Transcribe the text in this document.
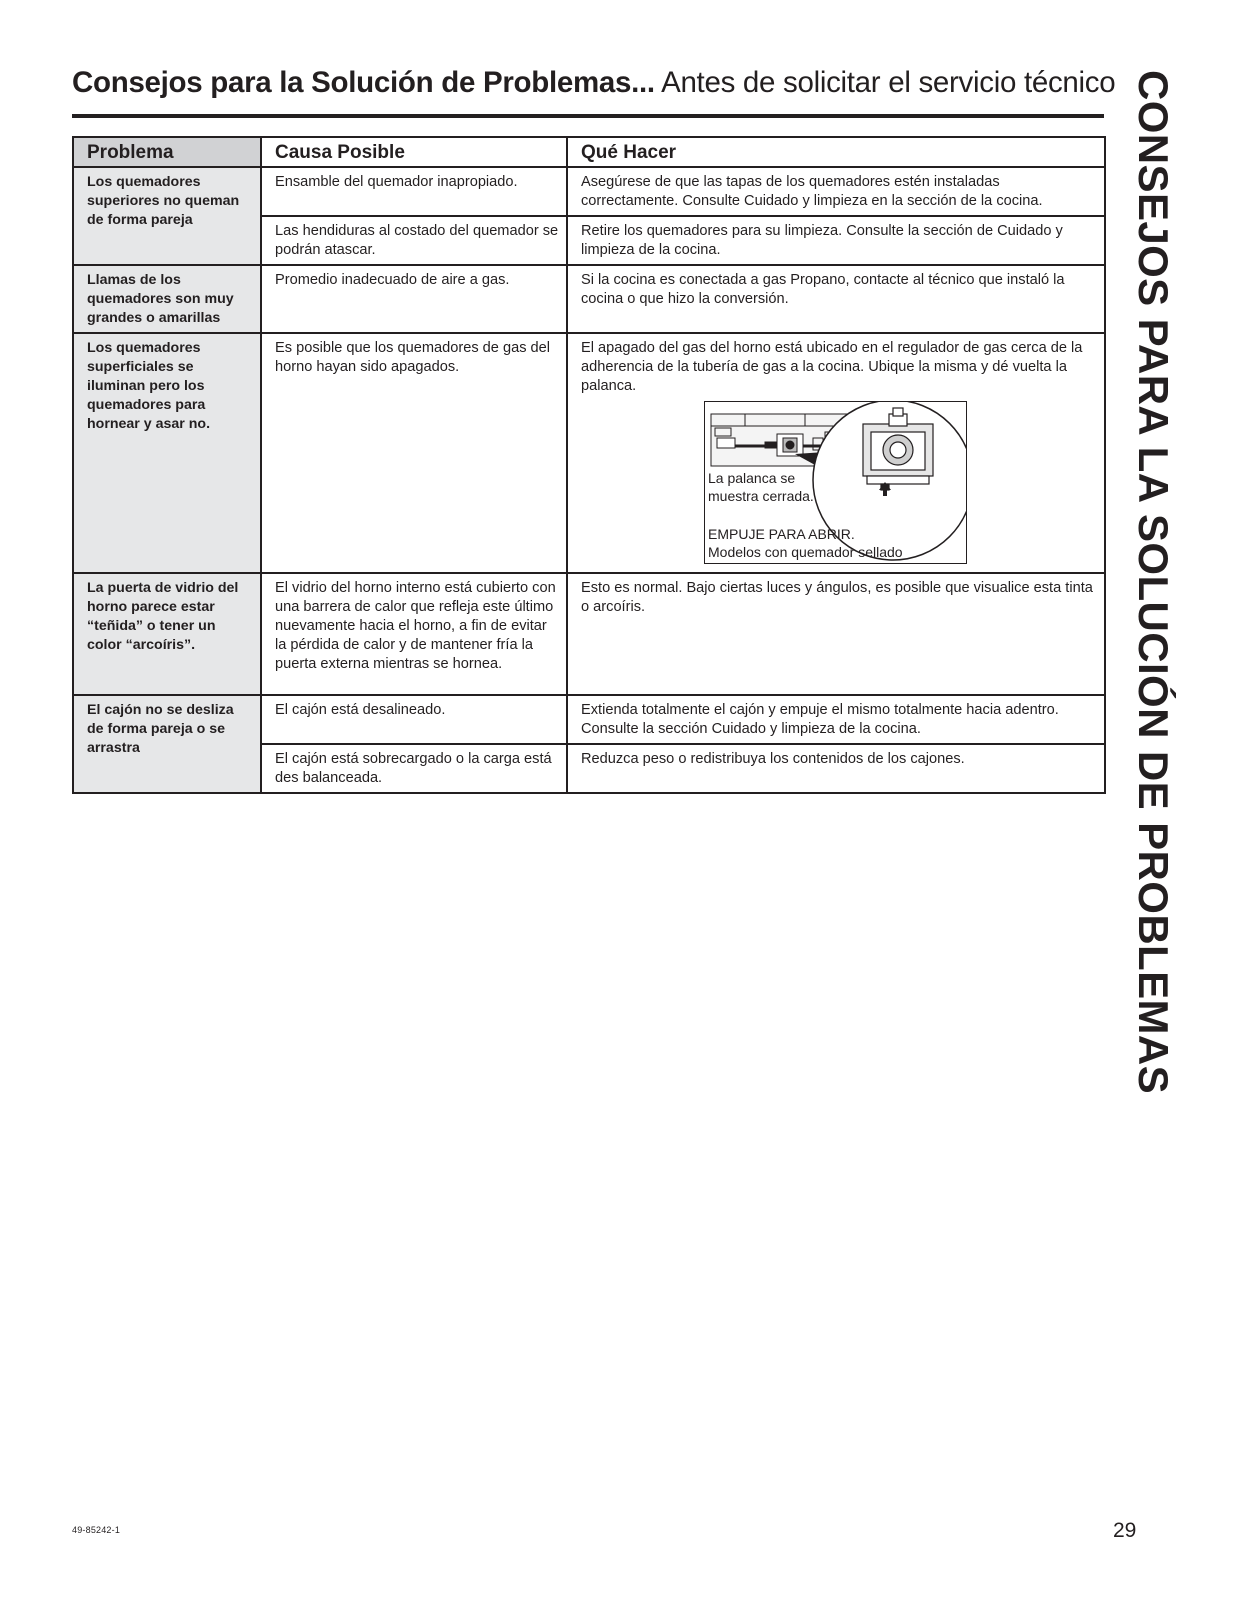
Consejos para la Solución de Problemas... Antes de solicitar el servicio técnico CONSEJOS PARA LA SOLUCIÓN DE PROBLEMAS
Problema	Causa Posible	Qué Hacer
Los quemadores superiores no queman de forma pareja	Ensamble del quemador inapropiado.	Asegúrese de que las tapas de los quemadores estén instaladas correctamente. Consulte Cuidado y limpieza en la sección de la cocina.
	Las hendiduras al costado del quemador se podrán atascar.	Retire los quemadores para su limpieza. Consulte la sección de Cuidado y limpieza de la cocina.
Llamas de los quemadores son muy grandes o amarillas	Promedio inadecuado de aire a gas.	Si la cocina es conectada a gas Propano, contacte al técnico que instaló la cocina o que hizo la conversión.
Los quemadores superficiales se iluminan pero los quemadores para hornear y asar no.	Es posible que los quemadores de gas del horno hayan sido apagados.	El apagado del gas del horno está ubicado en el regulador de gas cerca de la adherencia de la tubería de gas a la cocina. Ubique la misma y dé vuelta la palanca.
La palanca se
muestra cerrada.
EMPUJE PARA ABRIR.
Modelos con quemador sellado

La puerta de vidrio del horno parece estar “teñida” o tener un color “arcoíris”.	El vidrio del horno interno está cubierto con una barrera de calor que refleja este último nuevamente hacia el horno, a fin de evitar la pérdida de calor y de mantener fría la puerta externa mientras se hornea.	Esto es normal. Bajo ciertas luces y ángulos, es posible que visualice esta tinta o arcoíris.
El cajón no se desliza de forma pareja o se arrastra	El cajón está desalineado.	Extienda totalmente el cajón y empuje el mismo totalmente hacia adentro. Consulte la sección Cuidado y limpieza de la cocina.
	El cajón está sobrecargado o la carga está des balanceada.	Reduzca peso o redistribuya los contenidos de los cajones.
49-85242-1	29
